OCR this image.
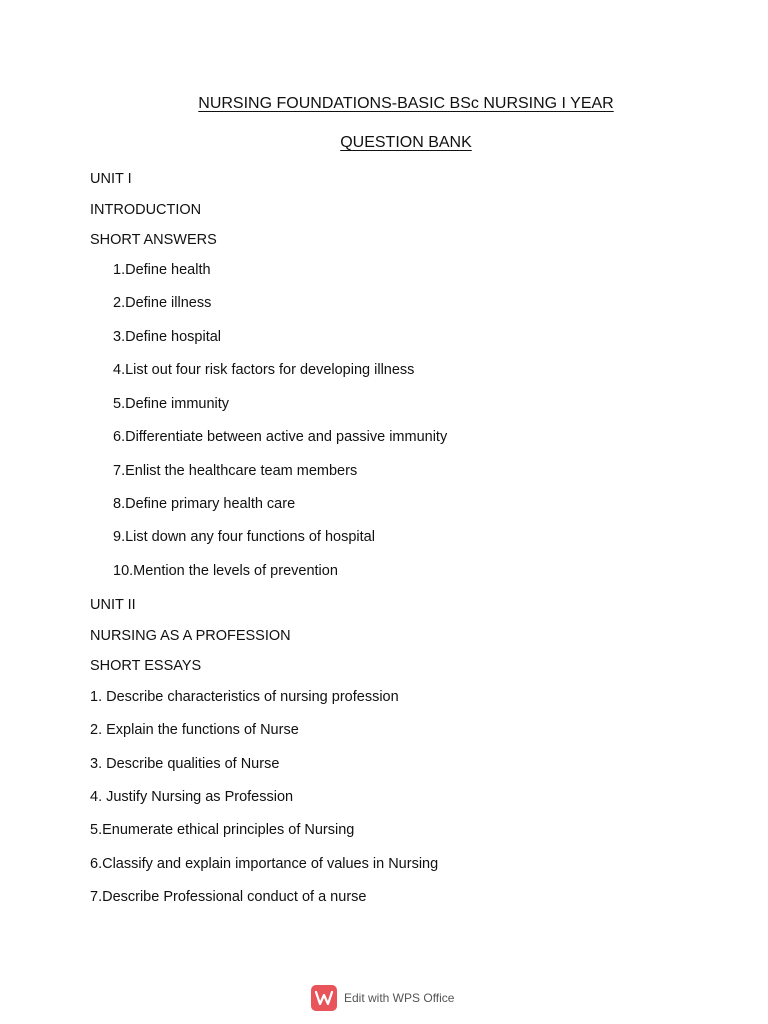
NURSING FOUNDATIONS-BASIC BSc NURSING I YEAR
QUESTION BANK
UNIT I
INTRODUCTION
SHORT ANSWERS
1.Define health
2.Define illness
3.Define hospital
4.List out four risk factors for developing illness
5.Define immunity
6.Differentiate between active and passive immunity
7.Enlist the healthcare team members
8.Define primary health care
9.List down any four functions of hospital
10.Mention the levels of prevention
UNIT II
NURSING AS A PROFESSION
SHORT ESSAYS
1. Describe characteristics of nursing profession
2. Explain the functions of Nurse
3. Describe qualities of Nurse
4. Justify Nursing as Profession
5.Enumerate ethical principles of Nursing
6.Classify and explain importance of values in Nursing
7.Describe Professional conduct of a nurse
Edit with WPS Office
